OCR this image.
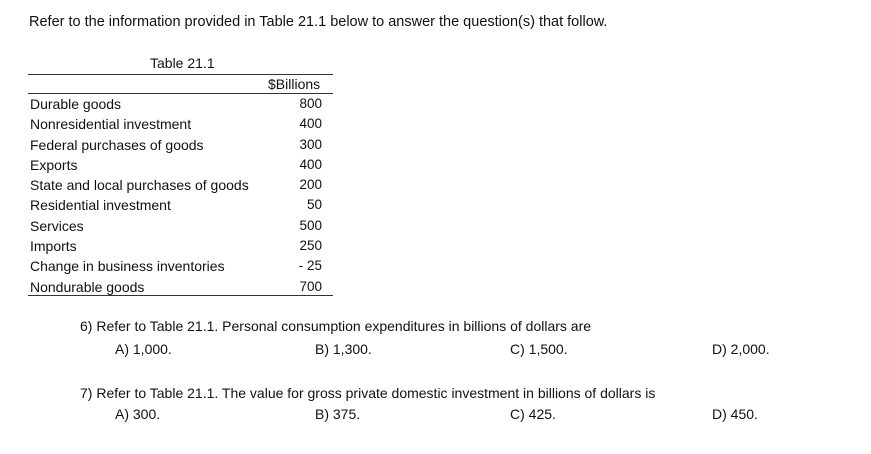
Refer to the information provided in Table 21.1 below to answer the question(s) that follow.
Table 21.1
$Billions
Durable goods	800
Nonresidential investment	400
Federal purchases of goods	300
Exports	400
State and local purchases of goods	200
Residential investment	50
Services	500
Imports	250
Change in business inventories	- 25
Nondurable goods	700
6) Refer to Table 21.1. Personal consumption expenditures in billions of dollars are
A) 1,000.	B) 1,300.	C) 1,500.	D) 2,000.
7) Refer to Table 21.1. The value for gross private domestic investment in billions of dollars is
A) 300.	B) 375.	C) 425.	D) 450.
